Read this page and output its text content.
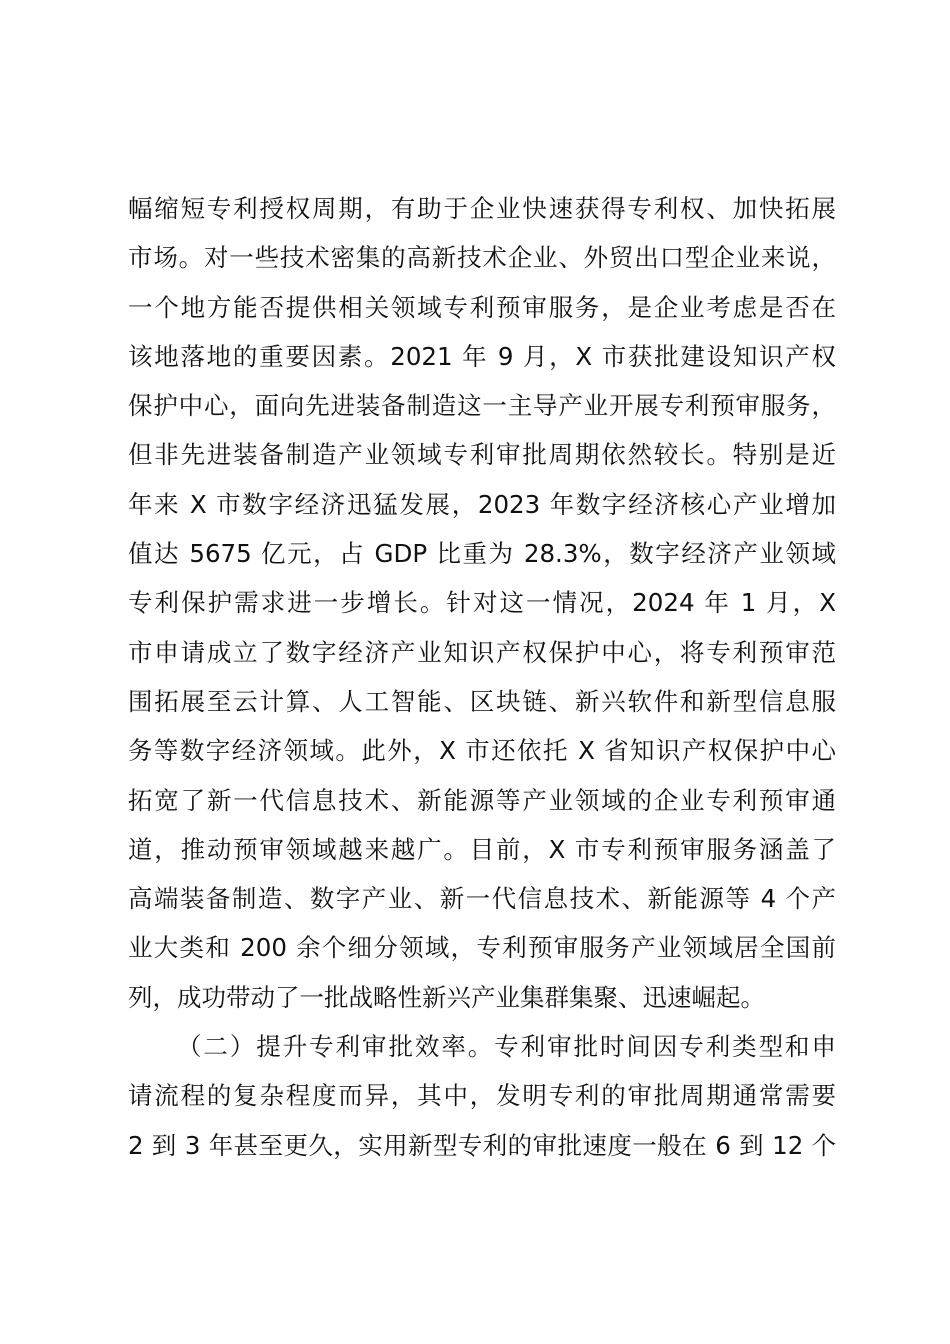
幅缩短专利授权周期，有助于企业快速获得专利权、加快拓展
市场。对一些技术密集的高新技术企业、外贸出口型企业来说，
一个地方能否提供相关领域专利预审服务，是企业考虑是否在
该地落地的重要因素。2021 年 9 月，X 市获批建设知识产权
保护中心，面向先进装备制造这一主导产业开展专利预审服务，
但非先进装备制造产业领域专利审批周期依然较长。特别是近
年来 X 市数字经济迅猛发展，2023 年数字经济核心产业增加
值达 5675 亿元，占 GDP 比重为 28.3%，数字经济产业领域
专利保护需求进一步增长。针对这一情况，2024 年 1 月，X
市申请成立了数字经济产业知识产权保护中心，将专利预审范
围拓展至云计算、人工智能、区块链、新兴软件和新型信息服
务等数字经济领域。此外，X 市还依托 X 省知识产权保护中心
拓宽了新一代信息技术、新能源等产业领域的企业专利预审通
道，推动预审领域越来越广。目前，X 市专利预审服务涵盖了
高端装备制造、数字产业、新一代信息技术、新能源等 4 个产
业大类和 200 余个细分领域，专利预审服务产业领域居全国前
列，成功带动了一批战略性新兴产业集群集聚、迅速崛起。
（二）提升专利审批效率。专利审批时间因专利类型和申
请流程的复杂程度而异，其中，发明专利的审批周期通常需要
2 到 3 年甚至更久，实用新型专利的审批速度一般在 6 到 12 个
